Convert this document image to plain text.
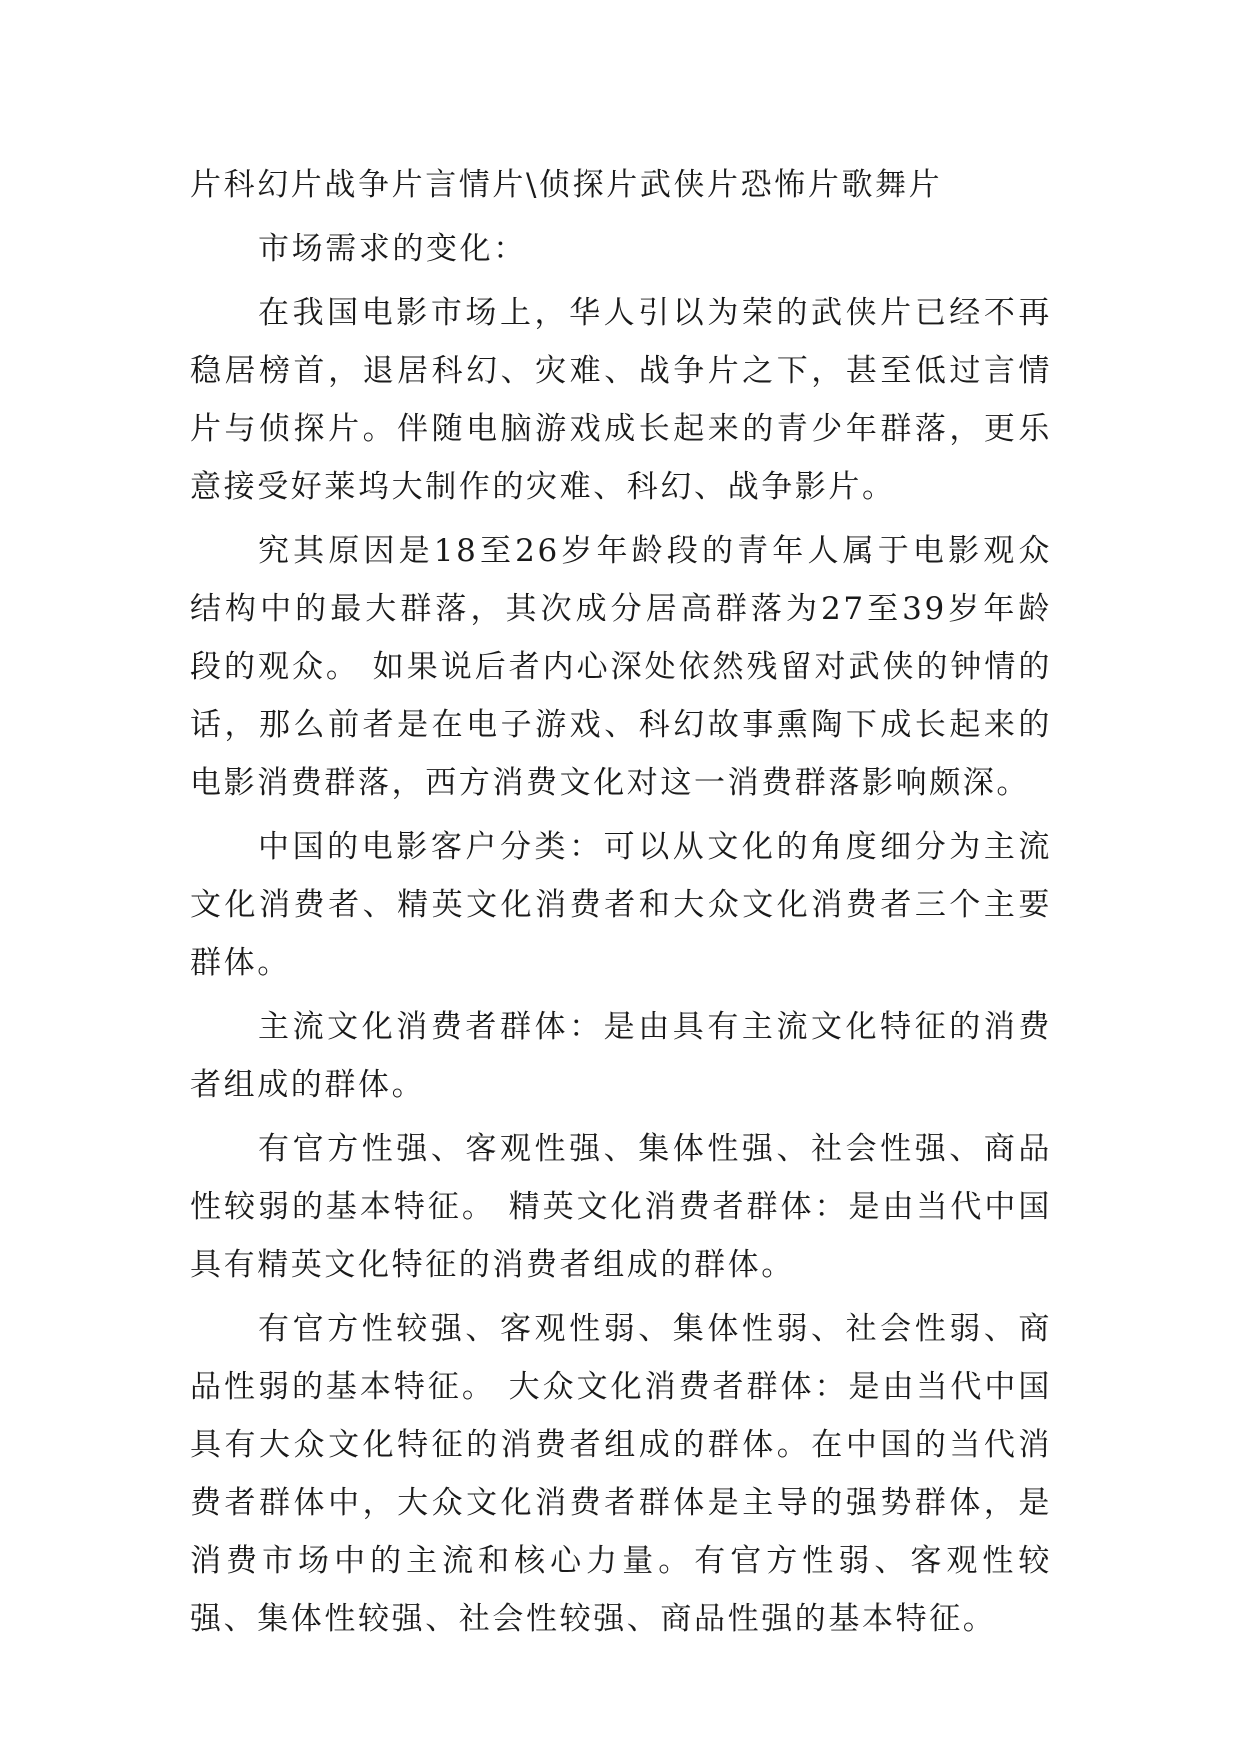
片科幻片战争片言情片\侦探片武侠片恐怖片歌舞片

市场需求的变化：

在我国电影市场上，华人引以为荣的武侠片已经不再稳居榜首，退居科幻、灾难、战争片之下，甚至低过言情片与侦探片。伴随电脑游戏成长起来的青少年群落，更乐意接受好莱坞大制作的灾难、科幻、战争影片。

究其原因是18至26岁年龄段的青年人属于电影观众结构中的最大群落，其次成分居高群落为27至39岁年龄段的观众。 如果说后者内心深处依然残留对武侠的钟情的话，那么前者是在电子游戏、科幻故事熏陶下成长起来的电影消费群落，西方消费文化对这一消费群落影响颇深。

中国的电影客户分类：可以从文化的角度细分为主流文化消费者、精英文化消费者和大众文化消费者三个主要群体。

主流文化消费者群体：是由具有主流文化特征的消费者组成的群体。

有官方性强、客观性强、集体性强、社会性强、商品性较弱的基本特征。 精英文化消费者群体：是由当代中国具有精英文化特征的消费者组成的群体。

有官方性较强、客观性弱、集体性弱、社会性弱、商品性弱的基本特征。 大众文化消费者群体：是由当代中国具有大众文化特征的消费者组成的群体。在中国的当代消费者群体中，大众文化消费者群体是主导的强势群体，是消费市场中的主流和核心力量。有官方性弱、客观性较强、集体性较强、社会性较强、商品性强的基本特征。
